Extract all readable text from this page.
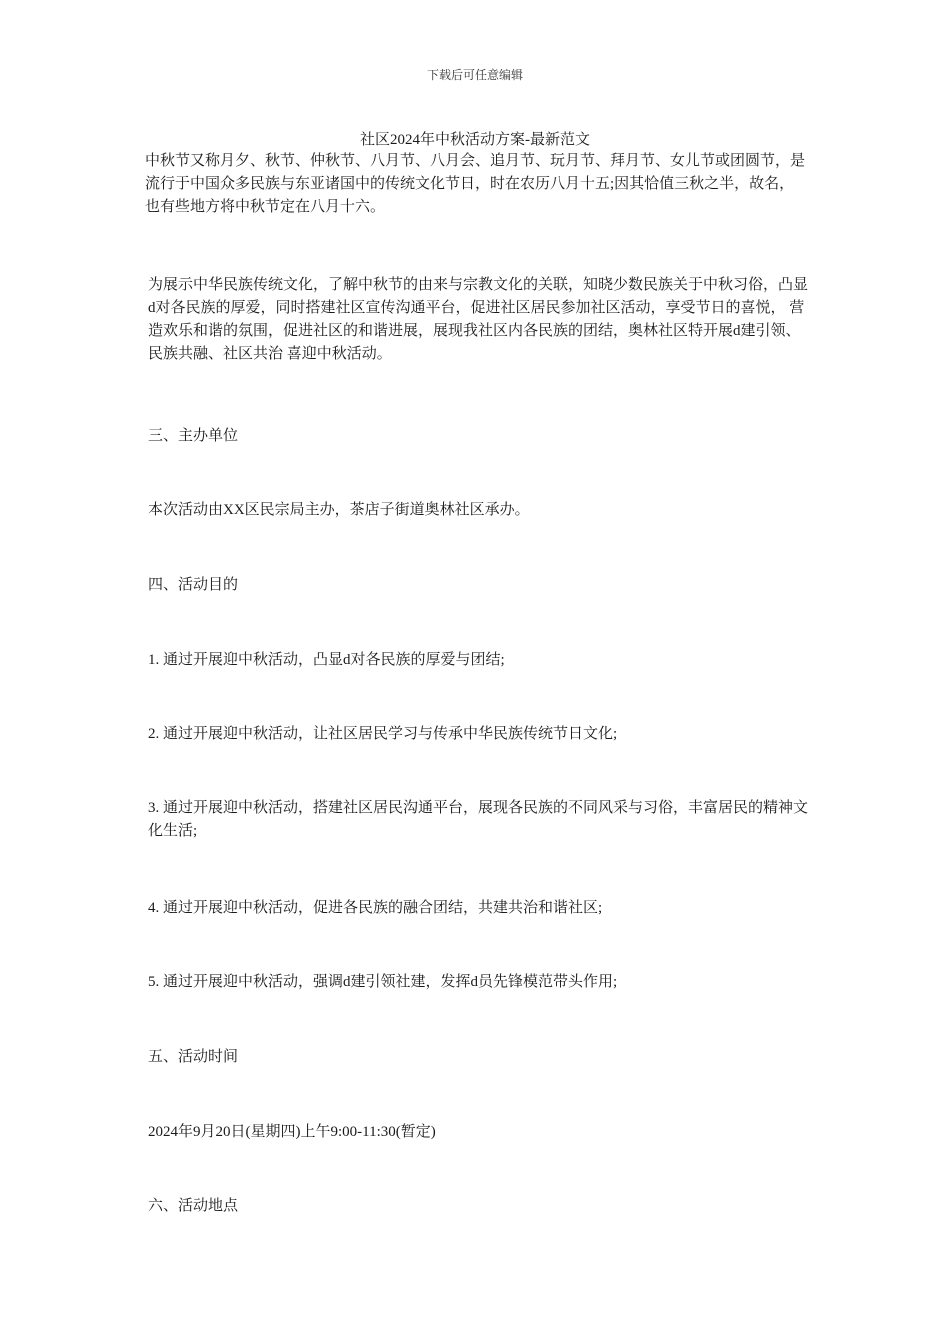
下载后可任意编辑
社区2024年中秋活动方案-最新范文

中秋节又称月夕、秋节、仲秋节、八月节、八月会、追月节、玩月节、拜月节、女儿节或团圆节，是流行于中国众多民族与东亚诸国中的传统文化节日，时在农历八月十五;因其恰值三秋之半，故名， 也有些地方将中秋节定在八月十六。

为展示中华民族传统文化，了解中秋节的由来与宗教文化的关联，知晓少数民族关于中秋习俗，凸显d对各民族的厚爱，同时搭建社区宣传沟通平台，促进社区居民参加社区活动，享受节日的喜悦， 营造欢乐和谐的氛围，促进社区的和谐进展，展现我社区内各民族的团结，奥林社区特开展d建引领、民族共融、社区共治 喜迎中秋活动。

三、主办单位

本次活动由XX区民宗局主办，茶店子街道奥林社区承办。

四、活动目的

1. 通过开展迎中秋活动，凸显d对各民族的厚爱与团结;

2. 通过开展迎中秋活动，让社区居民学习与传承中华民族传统节日文化;

3. 通过开展迎中秋活动，搭建社区居民沟通平台，展现各民族的不同风采与习俗，丰富居民的精神文化生活;

4. 通过开展迎中秋活动，促进各民族的融合团结，共建共治和谐社区;

5. 通过开展迎中秋活动，强调d建引领社建，发挥d员先锋模范带头作用;

五、活动时间

2024年9月20日(星期四)上午9:00-11:30(暂定)

六、活动地点
